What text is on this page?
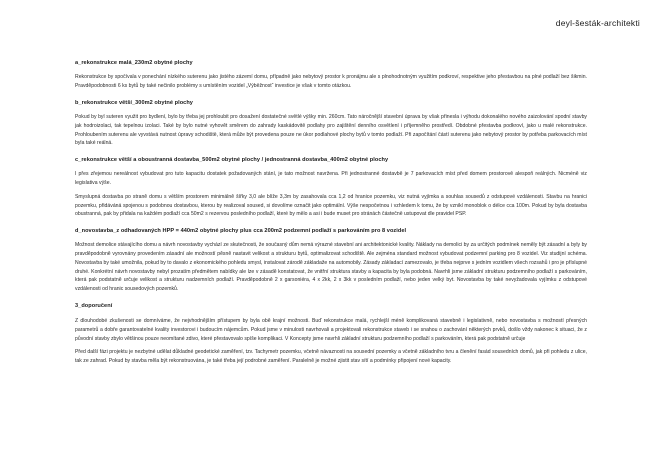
deyl-šesták-architekti
a_rekonstrukce malá_230m2 obytné plochy

Rekonstrukce by spočívala v ponechání nízkého suterenu jako jistého zázemí domu, případně jako nebytový prostor k pronájmu ale s plnohodnotným využitím podkroví, respektive jeho přestavbou na plné podlaží bez šikmin. Pravdĕpodobnosti 6 ks bytů by také nečinilo problémy s umístěním vozidel „Výběžnost“ investice je však v tomto otázkou.

b_rekonstrukce větší_300m2 obytné plochy

Pokud by byl suteren využit pro bydlení, bylo by třeba jej prohloubit pro dosažení dostatečné světlé výšky min. 260cm. Tato náročnĕjší stavební úprava by však přinesla i výhodu dokonalého nového zaizolování spodní stavby jak hodroizolaci, tak tepelnou izolaci. Také by bylo nutné vyhovĕt směrem do zahrady kaskádovitě podlahy pro zajištĕní denního osvětlení i příjemnĕho prostředí. Obdobné přestavba podkroví, jako u malé rekonstrukce. Prohloubením suterenu ale vyvstává nutnost úpravy schodiště, která může být provedena pouze ne úkor podlahové plochy bytů v tomto podlaží. Při započítání částí suterenu jako nebytový prostor by potřeba parkovacích míst byla také reálná.

c_rekonstrukce větší a oboustranná dostavba_500m2 obytné plochy / jednostranná dostavba_400m2 obytné plochy

I přes zřejemou nereálnost vybudovat pro tuto kapacitu dostatek požadovaných stání, je tato možnost navržena. Při jednostranné dostavbĕ je 7 parkovacích míst před domem prostorově alespoň reálných. Nicménĕ viz legislativa výše.

Smyslupná dostavba po stranĕ domu s větším prostorem minimálnĕ šířky 3,0 ale blíže 3,3m by zasahovala cca 1,2 od hranice pozemku, viz nutná vyjímka a souhlas sousedů z odstupové vzdálenosti. Stavbu na hranici pozemku, přidáváná spojenou s podobnou dostavbou, kterou by realizoval soused, si dovolíme označit jako optimální. Výše nespočetnou i vzhledem k tomu, že by vznikl monoblok o délce cca 100m. Pokud by byla dostavba obustranná, pak by přidala na každém podlaží cca 50m2 s rezervou posledního podlaží, které by mělo a asi i bude muset pro stránách částečně ustupovat dle pravidel PSP.

d_novostavba_z odhadovaných HPP = 440m2 obytné plochy plus cca 200m2 podzemní podlaží s parkováním pro 8 vozidel

Možnost demolice stávajícího domu a návrh novostavby vychází ze skutečnosti, že současný dům nemá výrazné stavební ani architektonické kvality. Náklady na demolici by za určitých podmínek nemĕly být zásadní a byly by pravdĕpodobnĕ vyrovnány provedením zásadní ale možností pĕsnĕ nastavit velikost a strukturu bytů, optimalizovat schodištĕ. Ale zejména standard možnost vybudovat podzemní parking pro 8 vozidel. Viz studijní schéma. Novostavba by také umožnila, pokud by to davalo z ekonomického pohledu smysl, instalovat zárodĕ základaže na automobily. Zásady základací zamezovalo, je třeba nejprve s jedním vozidlem všech rozsahů i pro je příslupné druhé. Konkrétní návrh novostavby nebyl prozatím předmĕtem nabídky ale lze v zásadĕ konstatovat, že vnitřní struktura stavby a kapacita by byla podobná. Navrhli jsme základní strukturu podzemního podlaží s parkováním, která pak podstatnĕ určuje velikost a strukturu nadzemních podlaží. Pravdĕpodobnĕ 2 x garsoniéra, 4 x 2kk, 2 x 3kk v posledním podlaží, nebo jeden velký byt. Novostavba by také nevyžadovala vyjímku z odstupové vzdálenosti od hranic sousedových pozemků.

3_doporučení

Z dlouhodobé zkušenosti se domníváme, že nejvhodnĕjším přístupem by byla obĕ krajní možnosti. Buď rekonstrukce malá, rychlejší ménĕ komplikovaná stavebnĕ i legislativnĕ, nebo novostavba s možností přesných parametrů a dobře garantovatelné kvality investorovi i budoucím nájemcům. Pokud jsme v minulosti navrhovali a projektovali rekonstrukce staveb i se snahou o zachování nĕkterých prvků, došlo vždy nakonec k situaci, že z původní stavby zbylo vĕtšinou pouze neomítané zdivo, které přestavovalo spíše komplikaci. V Koncepty jsme navrhli základní strukturu podzemního podlaží s parkováním, která pak podstatnĕ určuje

Před další fázi projektu je nezbytné udĕlat důkladné geodetické zamĕření, tzv. Tachymetr pozemku, včetnĕ návaznosti na sousední pozemky a včetnĕ základního tvru a členĕní fasád sousedních domů, jak při pohledu z ulice, tak ze zahrad. Pokud by stavba mĕla být rekonstruována, je také třeba její podrobné zamĕření. Paralelnĕ je možné zjistit stav sítí a podmínky připojení nové kapacity.
